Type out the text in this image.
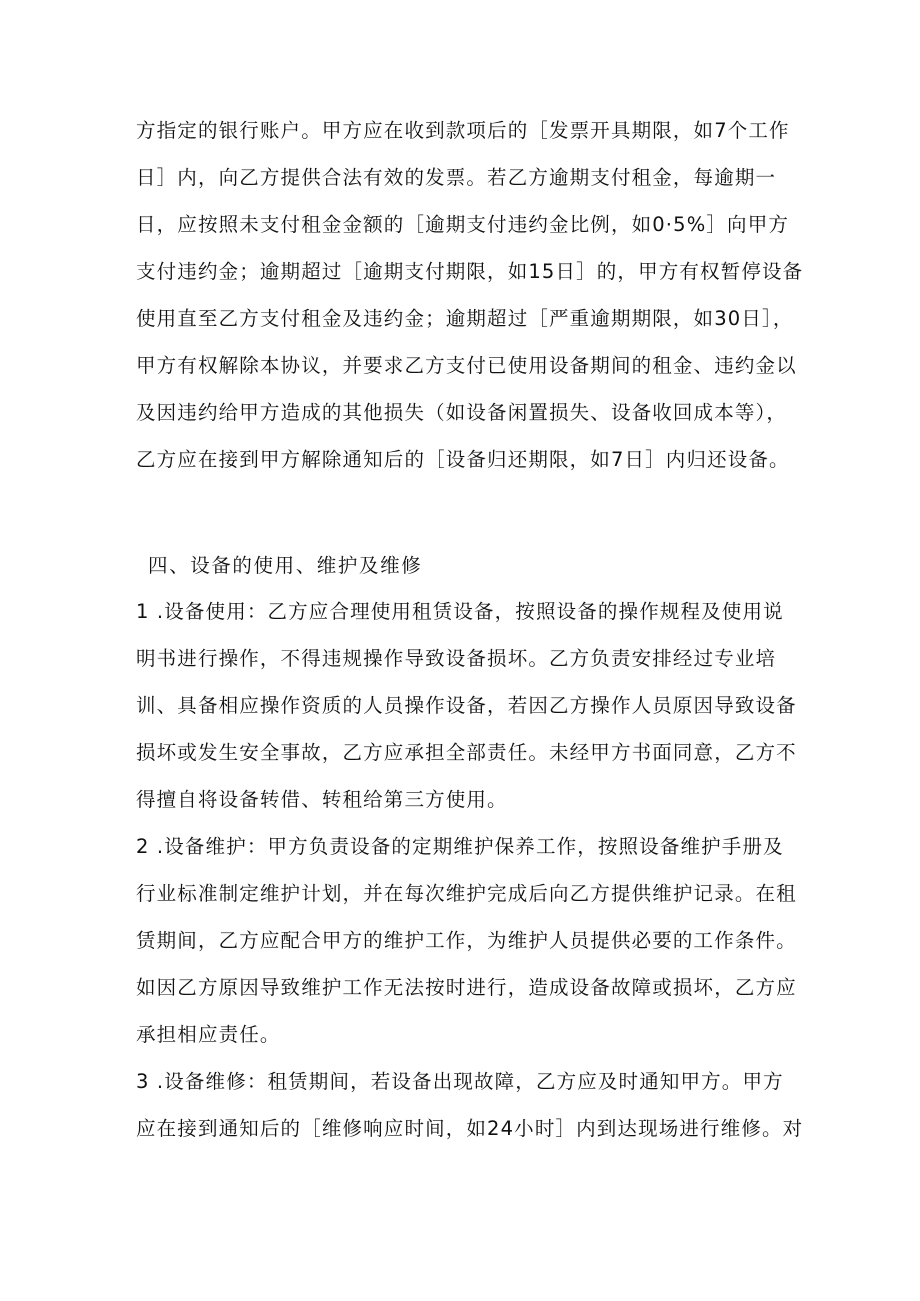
方指定的银行账户。甲方应在收到款项后的［发票开具期限，如7个工作
日］内，向乙方提供合法有效的发票。若乙方逾期支付租金，每逾期一
日，应按照未支付租金金额的［逾期支付违约金比例，如0·5%］向甲方
支付违约金；逾期超过［逾期支付期限，如15日］的，甲方有权暂停设备
使用直至乙方支付租金及违约金；逾期超过［严重逾期期限，如30日］，
甲方有权解除本协议，并要求乙方支付已使用设备期间的租金、违约金以
及因违约给甲方造成的其他损失（如设备闲置损失、设备收回成本等），
乙方应在接到甲方解除通知后的［设备归还期限，如7日］内归还设备。
四、设备的使用、维护及维修
1 .设备使用：乙方应合理使用租赁设备，按照设备的操作规程及使用说
明书进行操作，不得违规操作导致设备损坏。乙方负责安排经过专业培
训、具备相应操作资质的人员操作设备，若因乙方操作人员原因导致设备
损坏或发生安全事故，乙方应承担全部责任。未经甲方书面同意，乙方不
得擅自将设备转借、转租给第三方使用。
2 .设备维护：甲方负责设备的定期维护保养工作，按照设备维护手册及
行业标准制定维护计划，并在每次维护完成后向乙方提供维护记录。在租
赁期间，乙方应配合甲方的维护工作，为维护人员提供必要的工作条件。
如因乙方原因导致维护工作无法按时进行，造成设备故障或损坏，乙方应
承担相应责任。
3 .设备维修：租赁期间，若设备出现故障，乙方应及时通知甲方。甲方
应在接到通知后的［维修响应时间，如24小时］内到达现场进行维修。对
